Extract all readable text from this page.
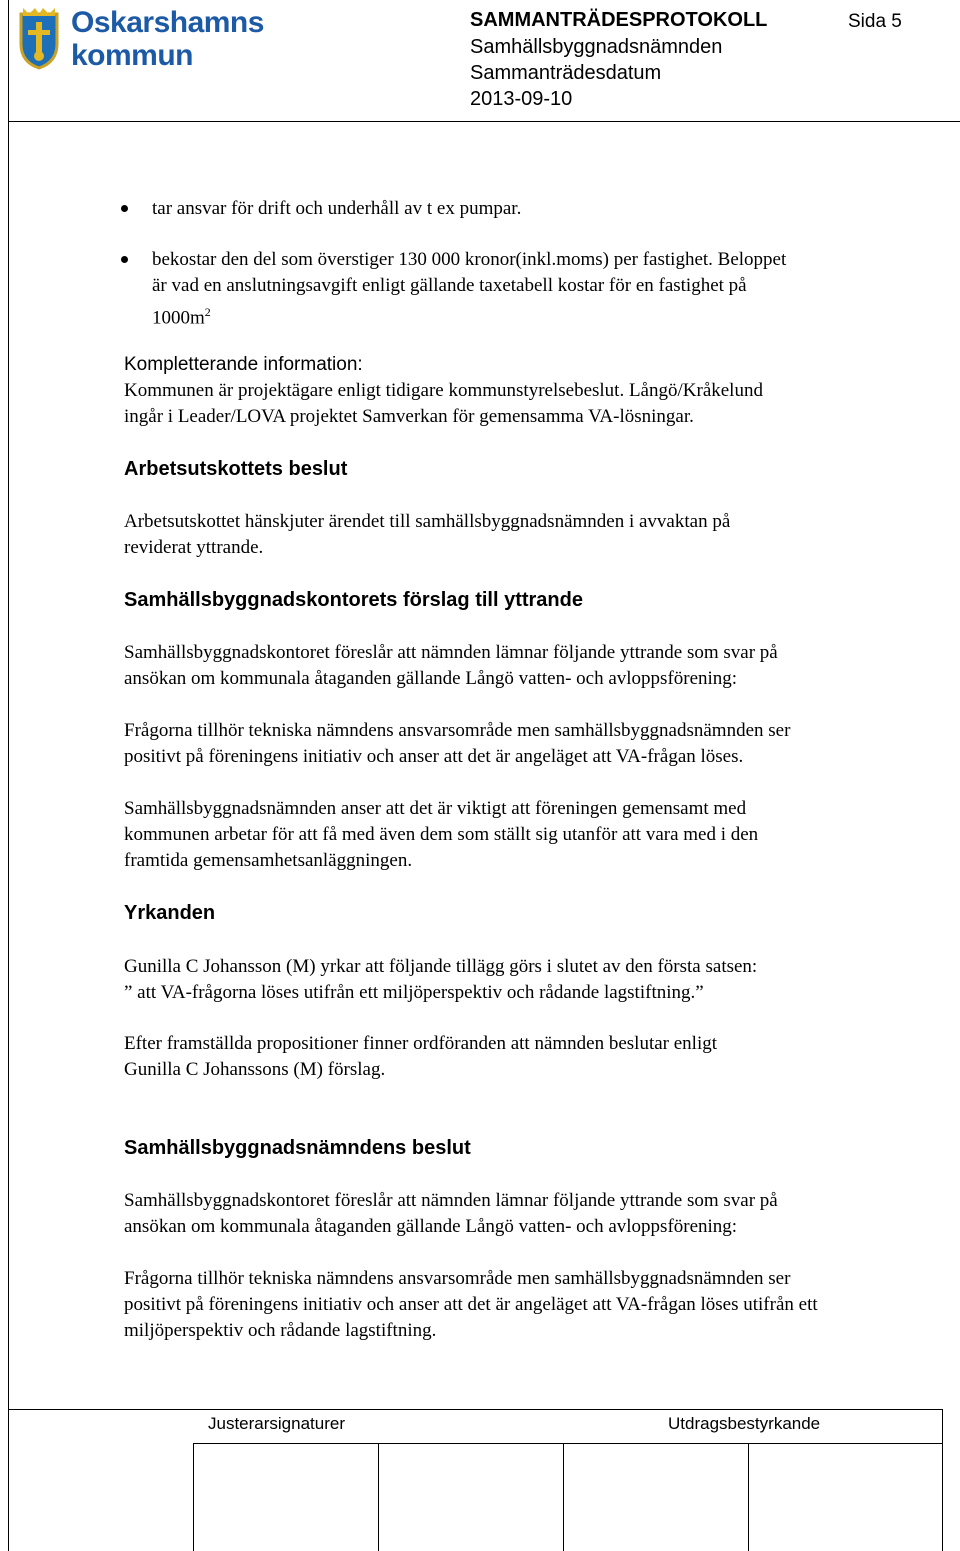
Oskarshamns
kommun
SAMMANTRÄDESPROTOKOLL	Sida 5
Samhällsbyggnadsnämnden
Sammanträdesdatum
2013-09-10
tar ansvar för drift och underhåll av t ex pumpar.
bekostar den del som överstiger 130 000 kronor(inkl.moms) per fastighet. Beloppet
är vad en anslutningsavgift enligt gällande taxetabell kostar för en fastighet på
$1000m^2$
Kompletterande information:
Kommunen är projektägare enligt tidigare kommunstyrelsebeslut. Långö/Kråkelund
ingår i Leader/LOVA projektet Samverkan för gemensamma VA-lösningar.
Arbetsutskottets beslut
Arbetsutskottet hänskjuter ärendet till samhällsbyggnadsnämnden i avvaktan på
reviderat yttrande.
Samhällsbyggnadskontorets förslag till yttrande
Samhällsbyggnadskontoret föreslår att nämnden lämnar följande yttrande som svar på
ansökan om kommunala åtaganden gällande Långö vatten- och avloppsförening:
Frågorna tillhör tekniska nämndens ansvarsområde men samhällsbyggnadsnämnden ser
positivt på föreningens initiativ och anser att det är angeläget att VA-frågan löses.
Samhällsbyggnadsnämnden anser att det är viktigt att föreningen gemensamt med
kommunen arbetar för att få med även dem som ställt sig utanför att vara med i den
framtida gemensamhetsanläggningen.
Yrkanden
Gunilla C Johansson (M) yrkar att följande tillägg görs i slutet av den första satsen:
” att VA-frågorna löses utifrån ett miljöperspektiv och rådande lagstiftning.”
Efter framställda propositioner finner ordföranden att nämnden beslutar enligt
Gunilla C Johanssons (M) förslag.
Samhällsbyggnadsnämndens beslut
Samhällsbyggnadskontoret föreslår att nämnden lämnar följande yttrande som svar på
ansökan om kommunala åtaganden gällande Långö vatten- och avloppsförening:
Frågorna tillhör tekniska nämndens ansvarsområde men samhällsbyggnadsnämnden ser
positivt på föreningens initiativ och anser att det är angeläget att VA-frågan löses utifrån ett
miljöperspektiv och rådande lagstiftning.
Justerarsignaturer	Utdragsbestyrkande
